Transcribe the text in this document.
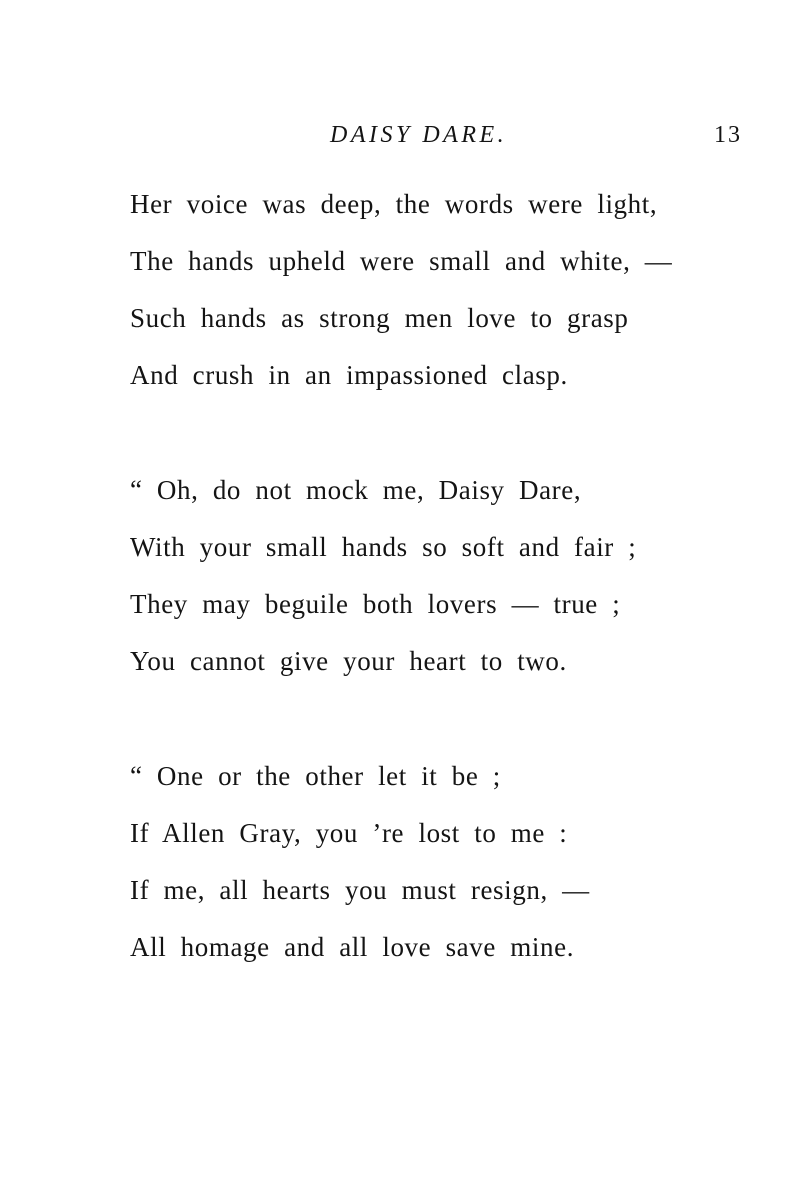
DAISY DARE.	13
Her voice was deep, the words were light,
The hands upheld were small and white, —
Such hands as strong men love to grasp
And crush in an impassioned clasp.
“ Oh, do not mock me, Daisy Dare,
With your small hands so soft and fair ;
They may beguile both lovers — true ;
You cannot give your heart to two.
“ One or the other let it be ;
If Allen Gray, you ’re lost to me :
If me, all hearts you must resign, —
All homage and all love save mine.
